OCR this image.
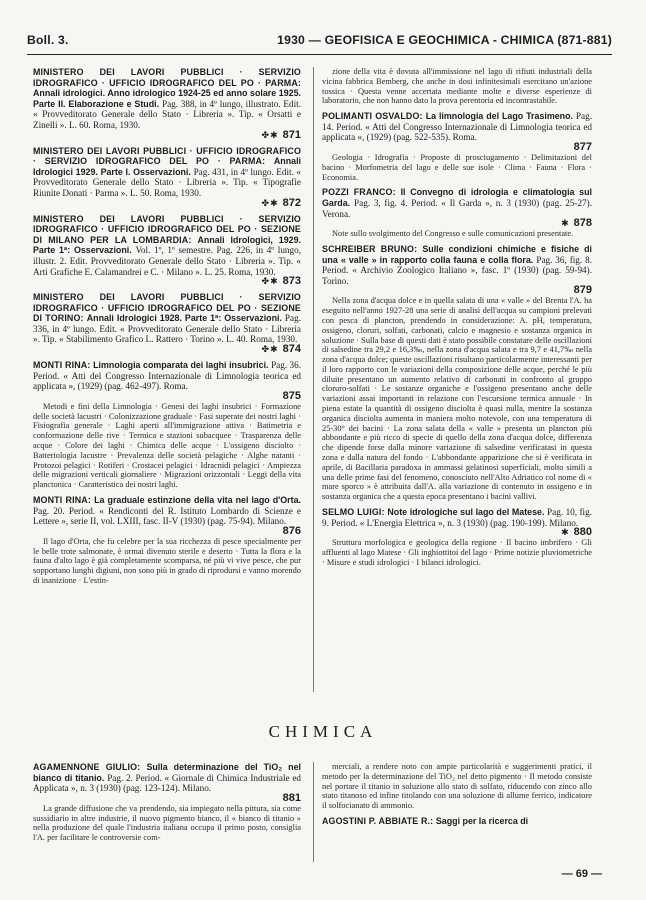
Boll. 3.	1930 — GEOFISICA E GEOCHIMICA - CHIMICA (871-881)
MINISTERO DEI LAVORI PUBBLICI · SERVIZIO IDROGRAFICO · UFFICIO IDROGRAFICO DEL PO · PARMA: Annali idrologici. Anno idrologico 1924-25 ed anno solare 1925. Parte II. Elaborazione e Studi. Pag. 388, in 4º lungo, illustrato. Edit. « Provveditorato Generale dello Stato · Libreria ». Tip. « Orsatti e Zinelli ». L. 60. Roma, 1930.
✤✱ 871
MINISTERO DEI LAVORI PUBBLICI · UFFICIO IDROGRAFICO · SERVIZIO IDROGRAFICO DEL PO · PARMA: Annali Idrologici 1929. Parte I. Osservazioni. Pag. 431, in 4º lungo. Edit. « Provveditorato Generale dello Stato · Libreria ». Tip. « Tipografie Riunite Donati · Parma ». L. 50. Roma, 1930.
✤✱ 872
MINISTERO DEI LAVORI PUBBLICI · SERVIZIO IDROGRAFICO · UFFICIO IDROGRAFICO DEL PO · SEZIONE DI MILANO PER LA LOMBARDIA: Annali Idrologici, 1929. Parte 1ª: Osservazioni. Vol. 1º, 1º semestre. Pag. 226, in 4º lungo, illustr. 2. Edit. Provveditorato Generale dello Stato · Libreria ». Tip. « Arti Grafiche E. Calamandrei e C. · Milano ». L. 25. Roma, 1930.
✤✱ 873
MINISTERO DEI LAVORI PUBBLICI · SERVIZIO IDROGRAFICO · UFFICIO IDROGRAFICO DEL PO · SEZIONE DI TORINO: Annali Idrologici 1928. Parte 1ª: Osservazioni. Pag. 336, in 4º lungo. Edit. « Provveditorato Generale dello Stato · Libreria ». Tip. « Stabilimento Grafico L. Rattero · Torino ». L. 40. Roma, 1930.
✤✱ 874
MONTI RINA: Limnologia comparata dei laghi insubrici. Pag. 36. Period. « Atti del Congresso Internazionale di Limnologia teorica ed applicata », (1929) (pag. 462-497). Roma.
875
Metodi e fini della Limnologia · Genesi dei laghi insubrici · Formazione delle società lacustri · Colonizzazione graduale · Fasi superate dei nostri laghi · Fisiografia generale · Laghi aperti all'immigrazione attiva · Batimetria e conformazione delle rive · Termica e stazioni subacquee · Trasparenza delle acque · Colore dei laghi · Chimica delle acque · L'ossigeno disciolto · Batteriologia lacustre · Prevalenza delle società pelagiche · Alghe natanti · Protozoi pelagici · Rotiferi · Crostacei pelagici · Idracnidi pelagici · Ampiezza delle migrazioni verticali giornaliere · Migrazioni orizzontali · Leggi della vita planctonica · Caratteristica dei nostri laghi.
MONTI RINA: La graduale estinzione della vita nel lago d'Orta. Pag. 20. Period. « Rendiconti del R. Istituto Lombardo di Scienze e Lettere », serie II, vol. LXIII, fasc. II-V (1930) (pag. 75-94). Milano.
876
Il lago d'Orta, che fu celebre per la sua ricchezza di pesce specialmente per le belle trote salmonate, è ormai divenuto sterile e deserto · Tutta la flora e la fauna d'alto lago è già completamente scomparsa, né più vi vive pesce, che pur sopportano lunghi digiuni, non sono più in grado di riprodursi e vanno morendo di inanizione · L'estin-
zione della vita è dovuta all'immissione nel lago di rifiuti industriali della vicina fabbrica Bemberg, che anche in dosi infinitesimali esercitano un'azione tossica · Questa venne accertata mediante molte e diverse esperienze di laboratorio, che non hanno dato la prova perentoria ed incontrastabile.
POLIMANTI OSVALDO: La limnologia del Lago Trasimeno. Pag. 14. Period. « Atti del Congresso Internazionale di Limnologia teorica ed applicata », (1929) (pag. 522-535). Roma.
877
Geologia · Idrografia · Proposte di prosciugamento · Delimitazioni del bacino · Morfometria del lago e delle sue isole · Clima · Fauna · Flora · Economia.
POZZI FRANCO: Il Convegno di idrologia e climatologia sul Garda. Pag. 3, fig. 4. Period. « Il Garda », n. 3 (1930) (pag. 25-27). Verona.
✱ 878
Note sullo svolgimento del Congresso e sulle comunicazioni presentate.
SCHREIBER BRUNO: Sulle condizioni chimiche e fisiche di una « valle » in rapporto colla fauna e colla flora. Pag. 36, fig. 8. Period. « Archivio Zoologico Italiano », fasc. 1º (1930) (pag. 59-94). Torino.
879
Nella zona d'acqua dolce e in quella salata di una « valle » del Brenta l'A. ha eseguito nell'anno 1927-28 una serie di analisi dell'acqua su campioni prelevati con pesca di plancton, prendendo in considerazione: A. pH, temperatura, ossigeno, cloruri, solfati, carbonati, calcio e magnesio e sostanza organica in soluzione · Sulla base di questi dati è stato possibile constatare delle oscillazioni di salsedine tra 29,2 e 16,3‰, nella zona d'acqua salata e tra 9,7 e 41,7‰ nella zona d'acqua dolce; queste oscillazioni risultano particolarmente interessanti per il loro rapporto con le variazioni della composizione delle acque, perché le più diluite presentano un aumento relativo di carbonati in confronto al gruppo cloruro-solfati · Le sostanze organiche e l'ossigeno presentano anche delle variazioni assai importanti in relazione con l'escursione termica annuale · In piena estate la quantità di ossigeno disciolta è quasi nulla, mentre la sostanza organica disciolta aumenta in maniera molto notevole, con una temperatura di 25-30° dei bacini · La zona salata della « valle » presenta un plancton più abbondante e più ricco di specie di quello della zona d'acqua dolce, differenza che dipende forse dalla minore variazione di salsedine verificatasi in questa zona e dalla natura del fondo · L'abbondante apparizione che si è verificata in aprile, di Bacillaria paradoxa in ammassi gelatinosi superficiali, molto simili a una delle prime fasi del fenomeno, conosciuto nell'Alto Adriatico col nome di « mare sporco » è attribuita dall'A. alla variazione di contenuto in ossigeno e in sostanza organica che a questa epoca presentano i bacini vallivi.
SELMO LUIGI: Note idrologiche sul lago del Matese. Pag. 10, fig. 9. Period. « L'Energia Elettrica », n. 3 (1930) (pag. 190-199). Milano.
✱ 880
Struttura morfologica e geologica della regione · Il bacino imbrifero · Gli affluenti al lago Matese · Gli inghiottitoi del lago · Prime notizie pluviometriche · Misure e studi idrologici · I bilanci idrologici.
CHIMICA
AGAMENNONE GIULIO: Sulla determinazione del TiO₂ nel bianco di titanio. Pag. 2. Period. « Giornale di Chimica Industriale ed Applicata », n. 3 (1930) (pag. 123-124). Milano.
881
La grande diffusione che va prendendo, sia impiegato nella pittura, sia come sussidiario in altre industrie, il nuovo pigmento bianco, il « bianco di titanio » nella produzione del quale l'industria italiana occupa il primo posto, consiglia l'A. per facilitare le controversie com-
merciali, a rendere noto con ampie particolarità e suggerimenti pratici, il metodo per la determinazione del TiO₂ nel detto pigmento · Il metodo consiste nel portare il titanio in soluzione allo stato di solfato, riducendo con zinco allo stato titanoso ed infine titolando con una soluzione di allume ferrico, indicatore il solfocianato di ammonio.
AGOSTINI P. ABBIATE R.: Saggi per la ricerca di
— 69 —
